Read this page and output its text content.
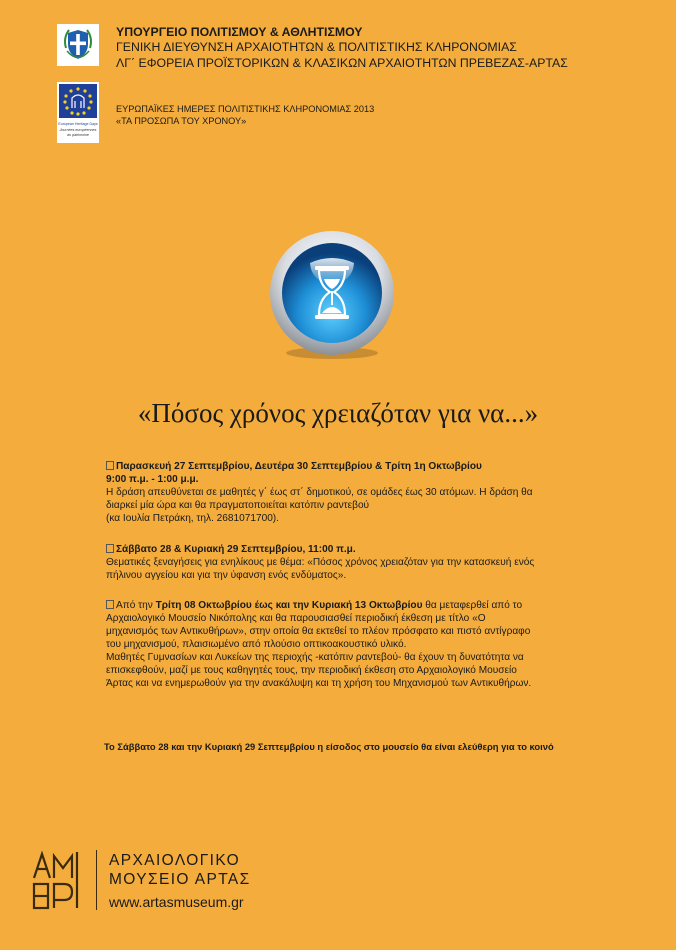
ΥΠΟΥΡΓΕΙΟ ΠΟΛΙΤΙΣΜΟΥ & ΑΘΛΗΤΙΣΜΟΥ
ΓΕΝΙΚΗ ΔΙΕΥΘΥΝΣΗ ΑΡΧΑΙΟΤΗΤΩΝ & ΠΟΛΙΤΙΣΤΙΚΗΣ ΚΛΗΡΟΝΟΜΙΑΣ
ΛΓ΄ ΕΦΟΡΕΙΑ ΠΡΟΪΣΤΟΡΙΚΩΝ & ΚΛΑΣΙΚΩΝ ΑΡΧΑΙΟΤΗΤΩΝ ΠΡΕΒΕΖΑΣ-ΑΡΤΑΣ
European Heritage Days
Journées européennes
du patrimoine
ΕΥΡΩΠΑΪΚΕΣ ΗΜΕΡΕΣ ΠΟΛΙΤΙΣΤΙΚΗΣ ΚΛΗΡΟΝΟΜΙΑΣ 2013
«ΤΑ ΠΡΟΣΩΠΑ ΤΟΥ ΧΡΟΝΟΥ»
«Πόσος χρόνος χρειαζόταν για να...»
Παρασκευή 27 Σεπτεμβρίου, Δευτέρα 30 Σεπτεμβρίου & Τρίτη 1η Οκτωβρίου
9:00 π.μ. - 1:00 μ.μ.
Η δράση απευθύνεται σε μαθητές γ΄ έως στ΄ δημοτικού, σε ομάδες έως 30 ατόμων. Η δράση θα
διαρκεί μία ώρα και θα πραγματοποιείται κατόπιν ραντεβού
(κα Ιουλία Πετράκη, τηλ. 2681071700).
Σάββατο 28 & Κυριακή 29 Σεπτεμβρίου, 11:00 π.μ.
Θεματικές ξεναγήσεις για ενηλίκους με θέμα: «Πόσος χρόνος χρειαζόταν για την κατασκευή ενός
πήλινου αγγείου και για την ύφανση ενός ενδύματος».
Από την Τρίτη 08 Οκτωβρίου έως και την Κυριακή 13 Οκτωβρίου θα μεταφερθεί από το
Αρχαιολογικό Μουσείο Νικόπολης και θα παρουσιασθεί περιοδική έκθεση με τίτλο «Ο
μηχανισμός των Αντικυθήρων», στην οποία θα εκτεθεί το πλέον πρόσφατο και πιστό αντίγραφο
του μηχανισμού, πλαισιωμένο από πλούσιο οπτικοακουστικό υλικό.
Μαθητές Γυμνασίων και Λυκείων της περιοχής -κατόπιν ραντεβού- θα έχουν τη δυνατότητα να
επισκεφθούν, μαζί με τους καθηγητές τους, την περιοδική έκθεση στο Αρχαιολογικό Μουσείο
Άρτας και να ενημερωθούν για την ανακάλυψη και τη χρήση του Μηχανισμού των Αντικυθήρων.
Το Σάββατο 28 και την Κυριακή 29 Σεπτεμβρίου η είσοδος στο μουσείο θα είναι ελεύθερη για το κοινό
ΑΡΧΑΙΟΛΟΓΙΚΟ
ΜΟΥΣΕΙΟ ΑΡΤΑΣ
www.artasmuseum.gr
